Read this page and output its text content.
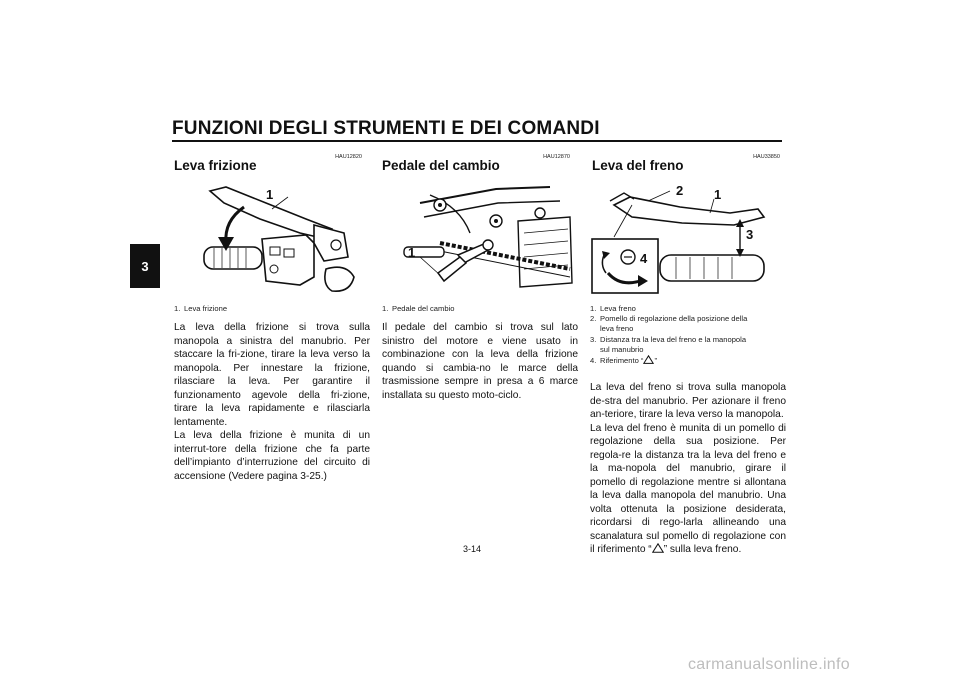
FUNZIONI DEGLI STRUMENTI E DEI COMANDI
3
HAU12820
Leva frizione
1
1. Leva frizione

La leva della frizione si trova sulla manopola a sinistra del manubrio. Per staccare la fri-zione, tirare la leva verso la manopola. Per innestare la frizione, rilasciare la leva. Per garantire il funzionamento agevole della fri-zione, tirare la leva rapidamente e rilasciarla lentamente.

La leva della frizione è munita di un interrut-tore della frizione che fa parte dell’impianto d’interruzione del circuito di accensione (Vedere pagina 3-25.)

HAU12870
Pedale del cambio
1
1. Pedale del cambio

Il pedale del cambio si trova sul lato sinistro del motore e viene usato in combinazione con la leva della frizione quando si cambia-no le marce della trasmissione sempre in presa a 6 marce installata su questo moto-ciclo.

HAU33850
Leva del freno
2 1
3
4
1. Leva freno
2. Pomello di regolazione della posizione della
leva freno
3. Distanza tra la leva del freno e la manopola
sul manubrio
4. Riferimento “ ”

La leva del freno si trova sulla manopola de-stra del manubrio. Per azionare il freno an-teriore, tirare la leva verso la manopola.

La leva del freno è munita di un pomello di regolazione della sua posizione. Per regola-re la distanza tra la leva del freno e la ma-nopola del manubrio, girare il pomello di regolazione mentre si allontana la leva dalla manopola del manubrio. Una volta ottenuta la posizione desiderata, ricordarsi di rego-larla allineando una scanalatura sul pomello di regolazione con il riferimento “ ” sulla leva freno.

3-14
carmanualsonline.info
